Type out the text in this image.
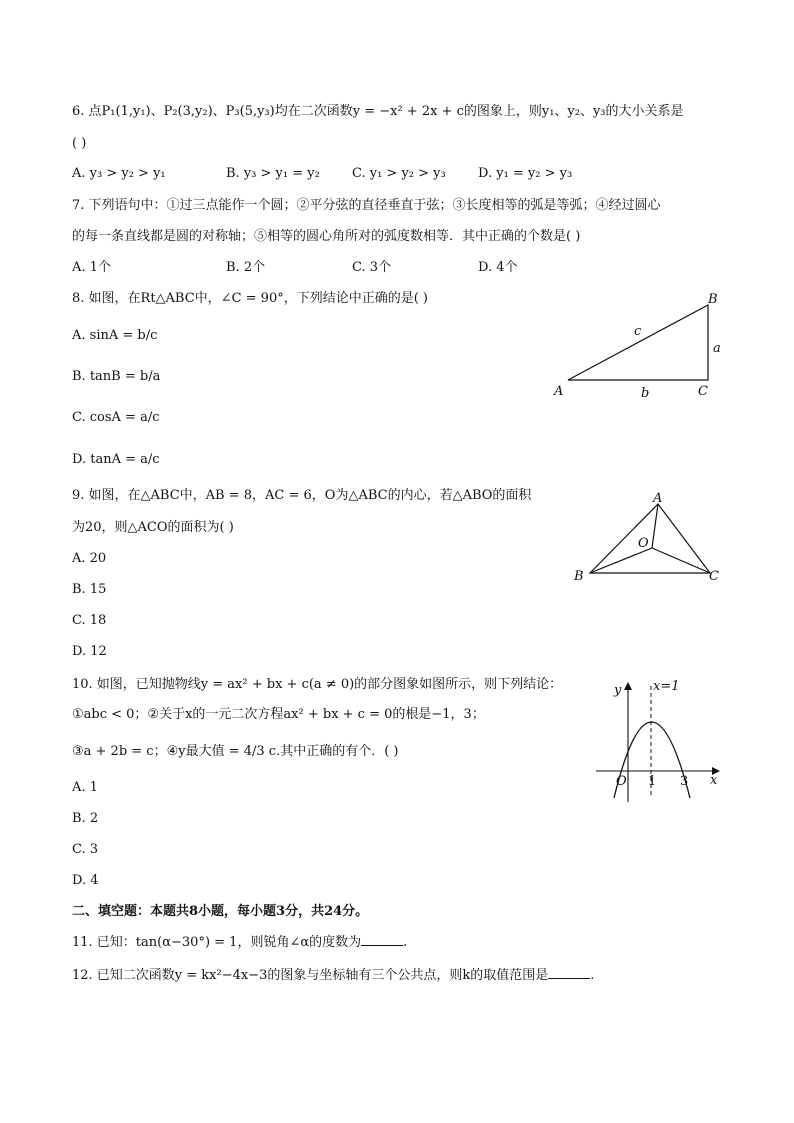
6. 点P₁(1,y₁)、P₂(3,y₂)、P₃(5,y₃)均在二次函数y = −x² + 2x + c的图象上，则y₁、y₂、y₃的大小关系是
( )
A. y₃ > y₂ > y₁	B. y₃ > y₁ = y₂ C. y₁ > y₂ > y₃ D. y₁ = y₂ > y₃
7. 下列语句中：①过三点能作一个圆；②平分弦的直径垂直于弦；③长度相等的弧是等弧；④经过圆心
的每一条直线都是圆的对称轴；⑤相等的圆心角所对的弧度数相等．其中正确的个数是( )
A. 1个	B. 2个	C. 3个	D. 4个
8. 如图，在Rt△ABC中，∠C = 90°，下列结论中正确的是( )
A. sinA = b/c
B. tanB = b/a
C. cosA = a/c
D. tanA = a/c
A
B
C
a
b
c
9. 如图，在△ABC中，AB = 8，AC = 6，O为△ABC的内心，若△ABO的面积
为20，则△ACO的面积为( )
A. 20
B. 15
C. 18
D. 12
A
B	C
O
10. 如图，已知抛物线y = ax² + bx + c(a ≠ 0)的部分图象如图所示，则下列结论：
①abc < 0；②关于x的一元二次方程ax² + bx + c = 0的根是−1，3；
③a + 2b = c；④y最大值 = 4/3 c.其中正确的有个．( )
A. 1
B. 2
C. 3
D. 4
y x=1
x
O 1 3
二、填空题：本题共8小题，每小题3分，共24分。
11. 已知：tan(α−30°) = 1，则锐角∠α的度数为	.
12. 已知二次函数y = kx²−4x−3的图象与坐标轴有三个公共点，则k的取值范围是	.
